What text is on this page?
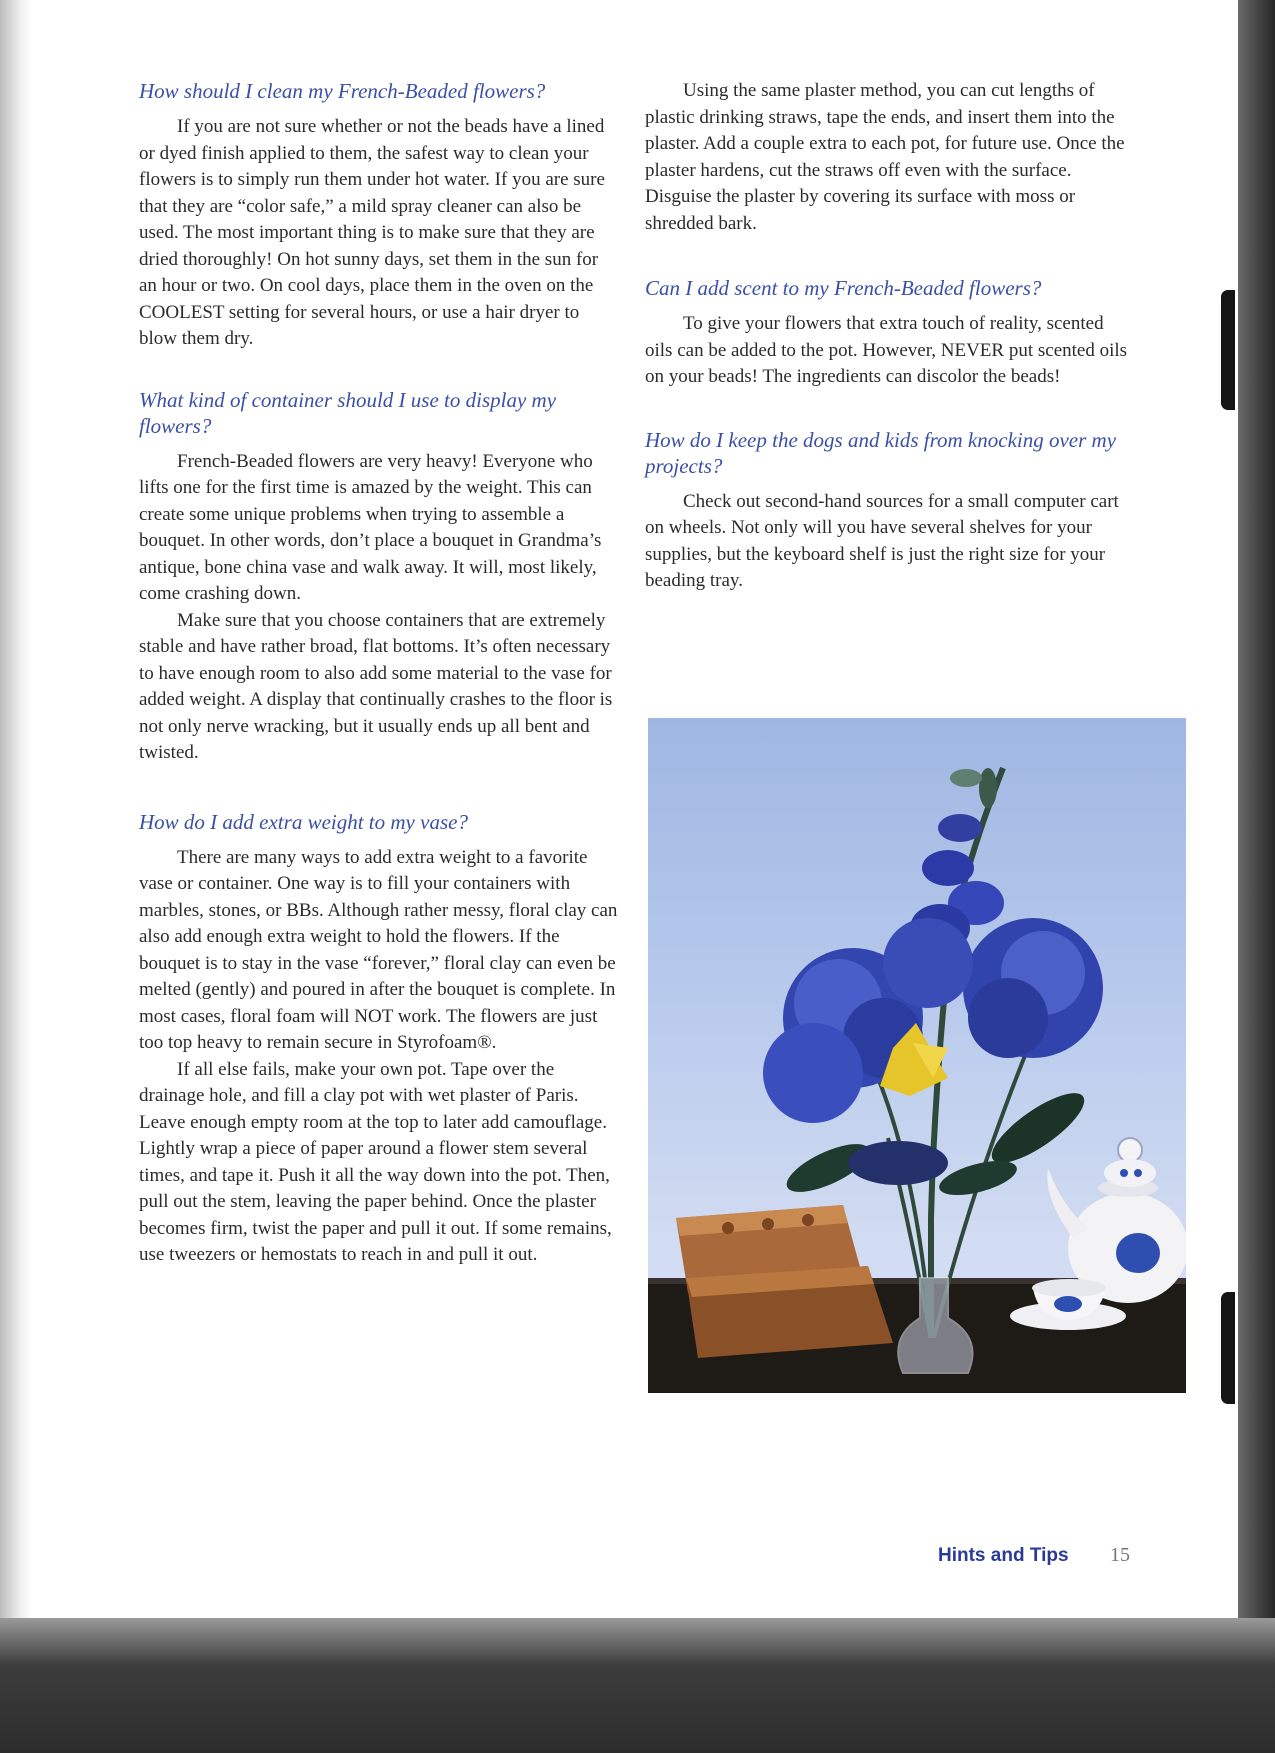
How should I clean my French-Beaded flowers?

If you are not sure whether or not the beads have a lined or dyed finish applied to them, the safest way to clean your flowers is to simply run them under hot water. If you are sure that they are “color safe,” a mild spray cleaner can also be used. The most important thing is to make sure that they are dried thoroughly! On hot sunny days, set them in the sun for an hour or two. On cool days, place them in the oven on the COOLEST setting for several hours, or use a hair dryer to blow them dry.

What kind of container should I use to display my flowers?

French-Beaded flowers are very heavy! Everyone who lifts one for the first time is amazed by the weight. This can create some unique problems when trying to assemble a bouquet. In other words, don’t place a bouquet in Grandma’s antique, bone china vase and walk away. It will, most likely, come crashing down.

Make sure that you choose containers that are extremely stable and have rather broad, flat bottoms. It’s often necessary to have enough room to also add some material to the vase for added weight. A display that continually crashes to the floor is not only nerve wracking, but it usually ends up all bent and twisted.

How do I add extra weight to my vase?

There are many ways to add extra weight to a favorite vase or container. One way is to fill your containers with marbles, stones, or BBs. Although rather messy, floral clay can also add enough extra weight to hold the flowers. If the bouquet is to stay in the vase “forever,” floral clay can even be melted (gently) and poured in after the bouquet is complete. In most cases, floral foam will NOT work. The flowers are just too top heavy to remain secure in Styrofoam®.

If all else fails, make your own pot. Tape over the drainage hole, and fill a clay pot with wet plaster of Paris. Leave enough empty room at the top to later add camouflage. Lightly wrap a piece of paper around a flower stem several times, and tape it. Push it all the way down into the pot. Then, pull out the stem, leaving the paper behind. Once the plaster becomes firm, twist the paper and pull it out. If some remains, use tweezers or hemostats to reach in and pull it out.

Using the same plaster method, you can cut lengths of plastic drinking straws, tape the ends, and insert them into the plaster. Add a couple extra to each pot, for future use. Once the plaster hardens, cut the straws off even with the surface. Disguise the plaster by covering its surface with moss or shredded bark.

Can I add scent to my French-Beaded flowers?

To give your flowers that extra touch of reality, scented oils can be added to the pot. However, NEVER put scented oils on your beads! The ingredients can discolor the beads!

How do I keep the dogs and kids from knocking over my projects?

Check out second-hand sources for a small computer cart on wheels. Not only will you have several shelves for your supplies, but the keyboard shelf is just the right size for your beading tray.

Hints and Tips 15
